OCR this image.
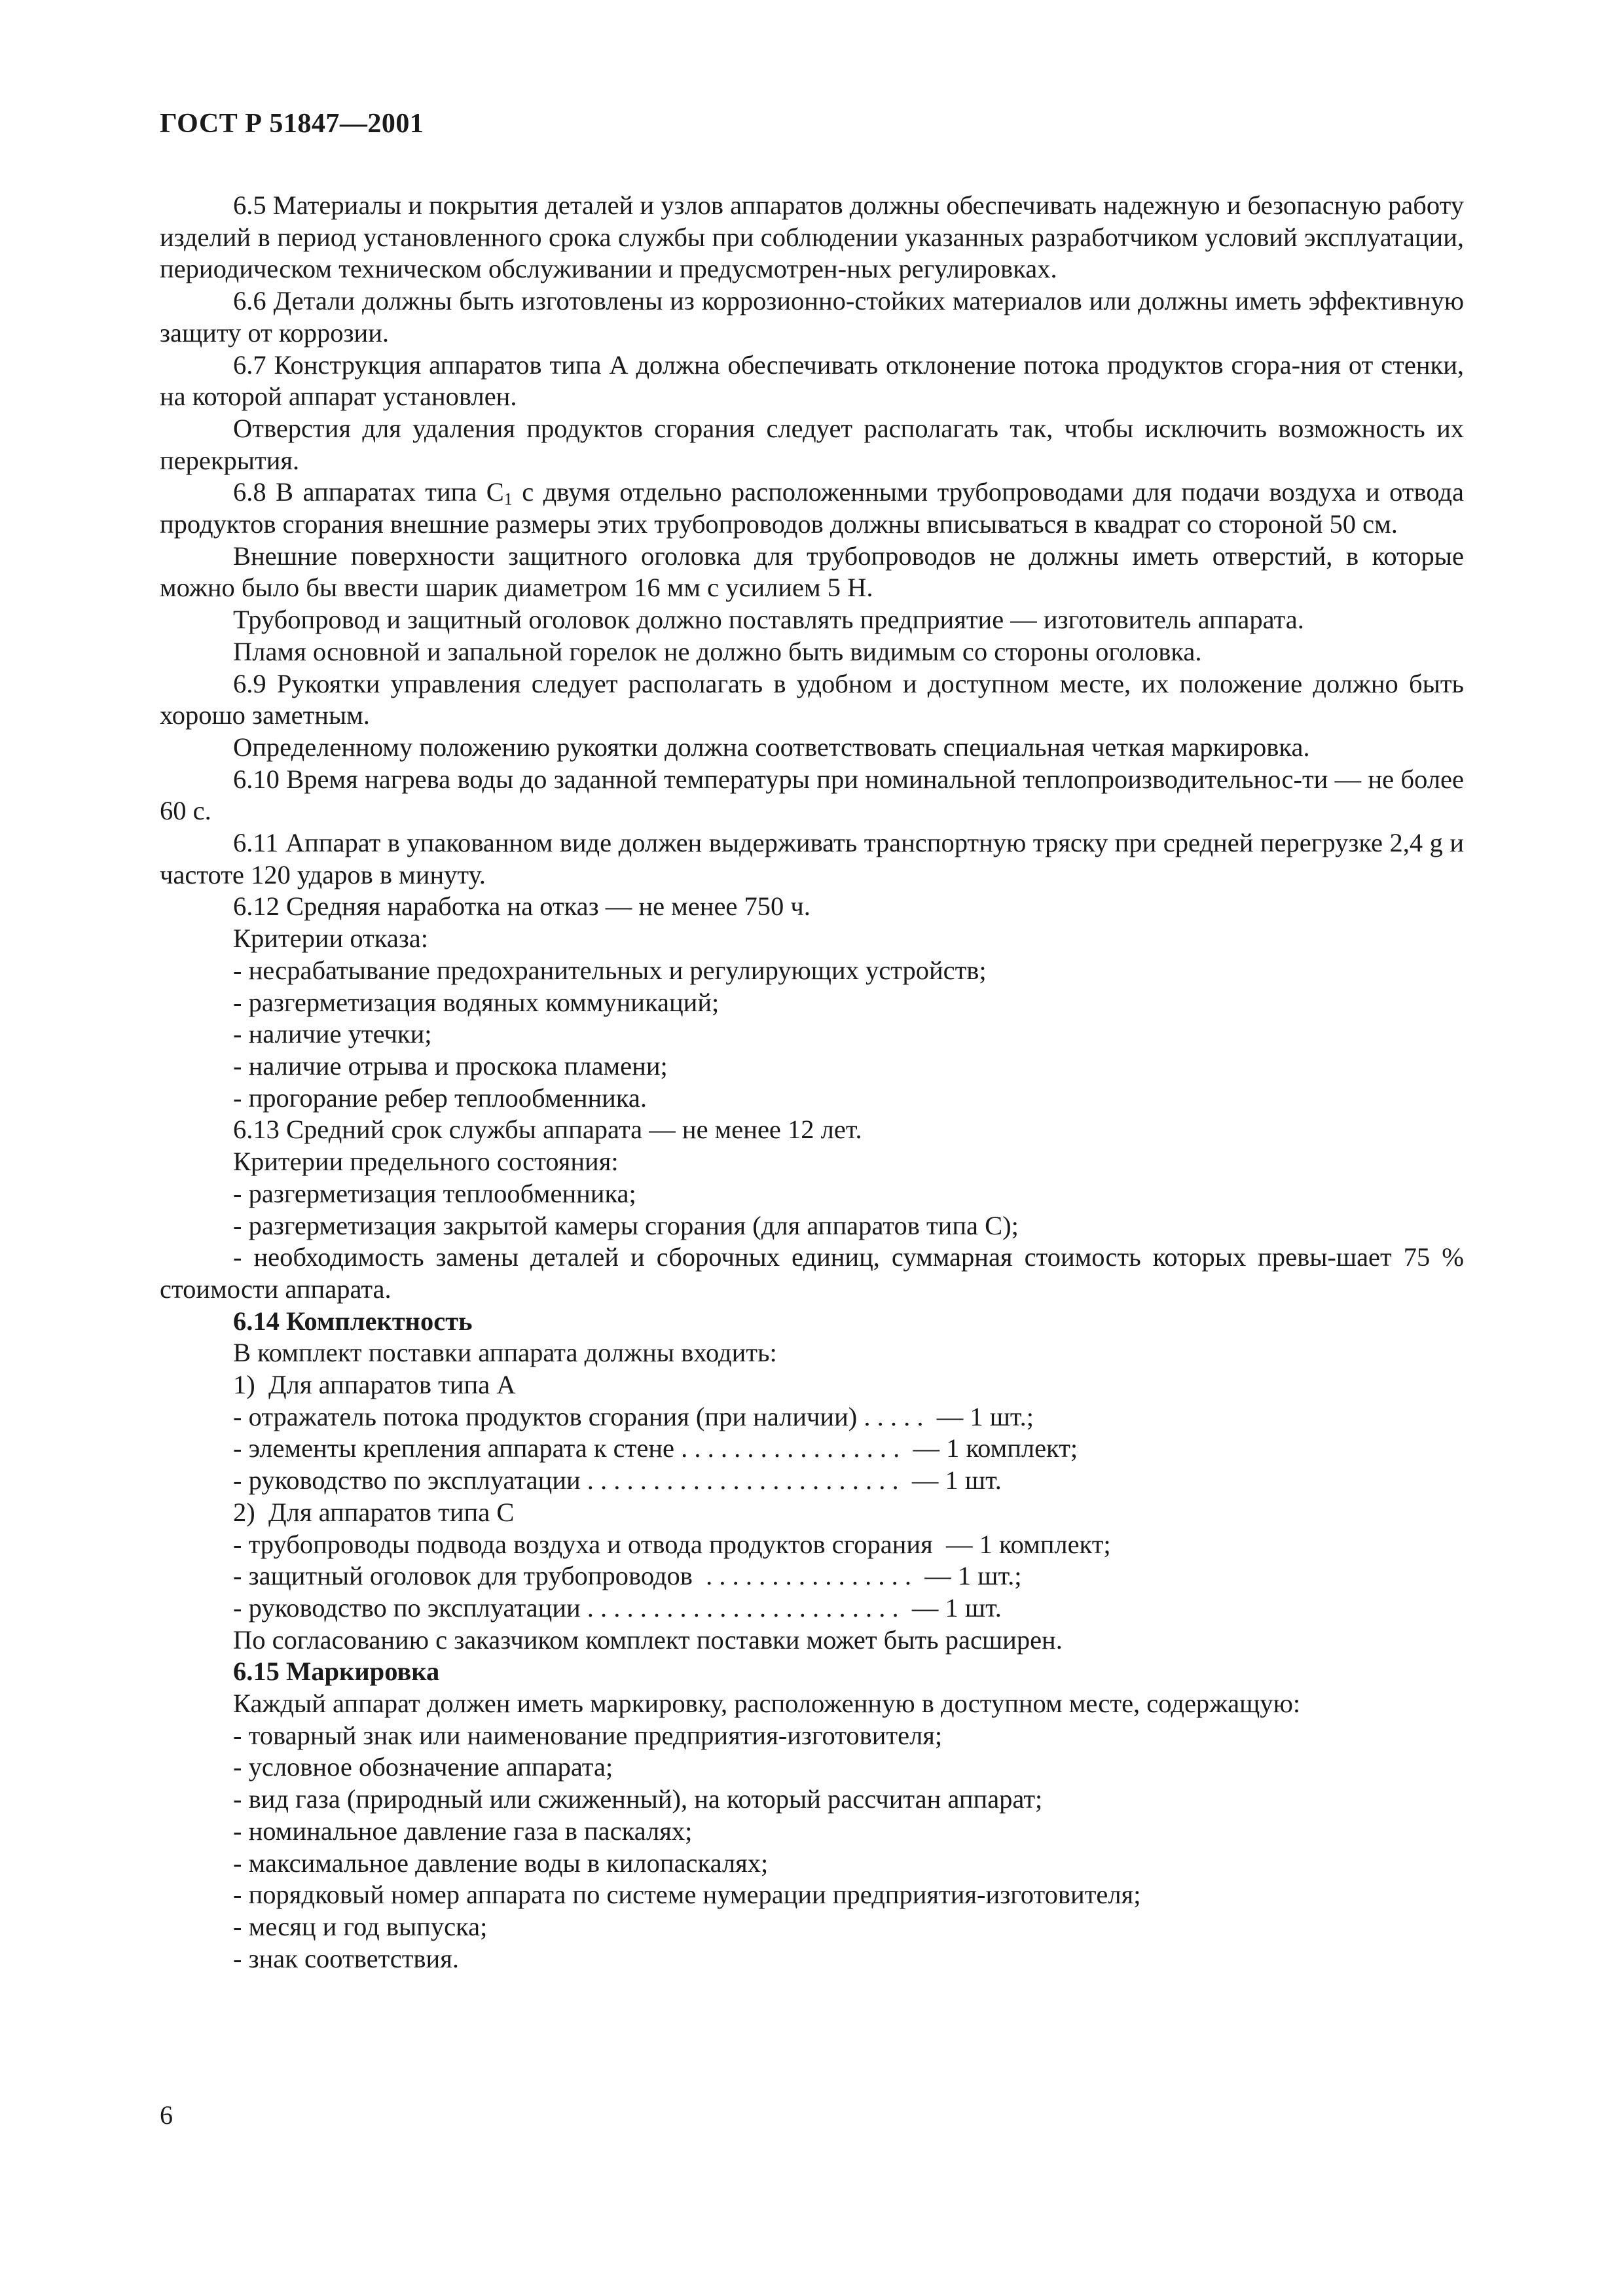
ГОСТ Р 51847—2001

6.5 Материалы и покрытия деталей и узлов аппаратов должны обеспечивать надежную и безопасную работу изделий в период установленного срока службы при соблюдении указанных разработчиком условий эксплуатации, периодическом техническом обслуживании и предусмотрен-ных регулировках.

6.6 Детали должны быть изготовлены из коррозионно-стойких материалов или должны иметь эффективную защиту от коррозии.

6.7 Конструкция аппаратов типа А должна обеспечивать отклонение потока продуктов сгора-ния от стенки, на которой аппарат установлен.

Отверстия для удаления продуктов сгорания следует располагать так, чтобы исключить возможность их перекрытия.

6.8 В аппаратах типа $С_1$ с двумя отдельно расположенными трубопроводами для подачи воздуха и отвода продуктов сгорания внешние размеры этих трубопроводов должны вписываться в квадрат со стороной 50 см.

Внешние поверхности защитного оголовка для трубопроводов не должны иметь отверстий, в которые можно было бы ввести шарик диаметром 16 мм с усилием 5 Н.

Трубопровод и защитный оголовок должно поставлять предприятие — изготовитель аппарата.

Пламя основной и запальной горелок не должно быть видимым со стороны оголовка.

6.9 Рукоятки управления следует располагать в удобном и доступном месте, их положение должно быть хорошо заметным.

Определенному положению рукоятки должна соответствовать специальная четкая маркировка.

6.10 Время нагрева воды до заданной температуры при номинальной теплопроизводительнос-ти — не более 60 с.

6.11 Аппарат в упакованном виде должен выдерживать транспортную тряску при средней перегрузке 2,4 g и частоте 120 ударов в минуту.

6.12 Средняя наработка на отказ — не менее 750 ч.

Критерии отказа:

- несрабатывание предохранительных и регулирующих устройств;

- разгерметизация водяных коммуникаций;

- наличие утечки;

- наличие отрыва и проскока пламени;

- прогорание ребер теплообменника.

6.13 Средний срок службы аппарата — не менее 12 лет.

Критерии предельного состояния:

- разгерметизация теплообменника;

- разгерметизация закрытой камеры сгорания (для аппаратов типа С);

- необходимость замены деталей и сборочных единиц, суммарная стоимость которых превы-шает 75 % стоимости аппарата.

6.14 Комплектность

В комплект поставки аппарата должны входить:

1)  Для аппаратов типа А

- отражатель потока продуктов сгорания (при наличии) . . . . .  — 1 шт.;

- элементы крепления аппарата к стене . . . . . . . . . . . . . . . . .  — 1 комплект;

- руководство по эксплуатации . . . . . . . . . . . . . . . . . . . . . . . .  — 1 шт.

2)  Для аппаратов типа С

- трубопроводы подвода воздуха и отвода продуктов сгорания  — 1 комплект;

- защитный оголовок для трубопроводов  . . . . . . . . . . . . . . . .  — 1 шт.;

- руководство по эксплуатации . . . . . . . . . . . . . . . . . . . . . . . .  — 1 шт.

По согласованию с заказчиком комплект поставки может быть расширен.

6.15 Маркировка

Каждый аппарат должен иметь маркировку, расположенную в доступном месте, содержащую:

- товарный знак или наименование предприятия-изготовителя;

- условное обозначение аппарата;

- вид газа (природный или сжиженный), на который рассчитан аппарат;

- номинальное давление газа в паскалях;

- максимальное давление воды в килопаскалях;

- порядковый номер аппарата по системе нумерации предприятия-изготовителя;

- месяц и год выпуска;

- знак соответствия.

6
